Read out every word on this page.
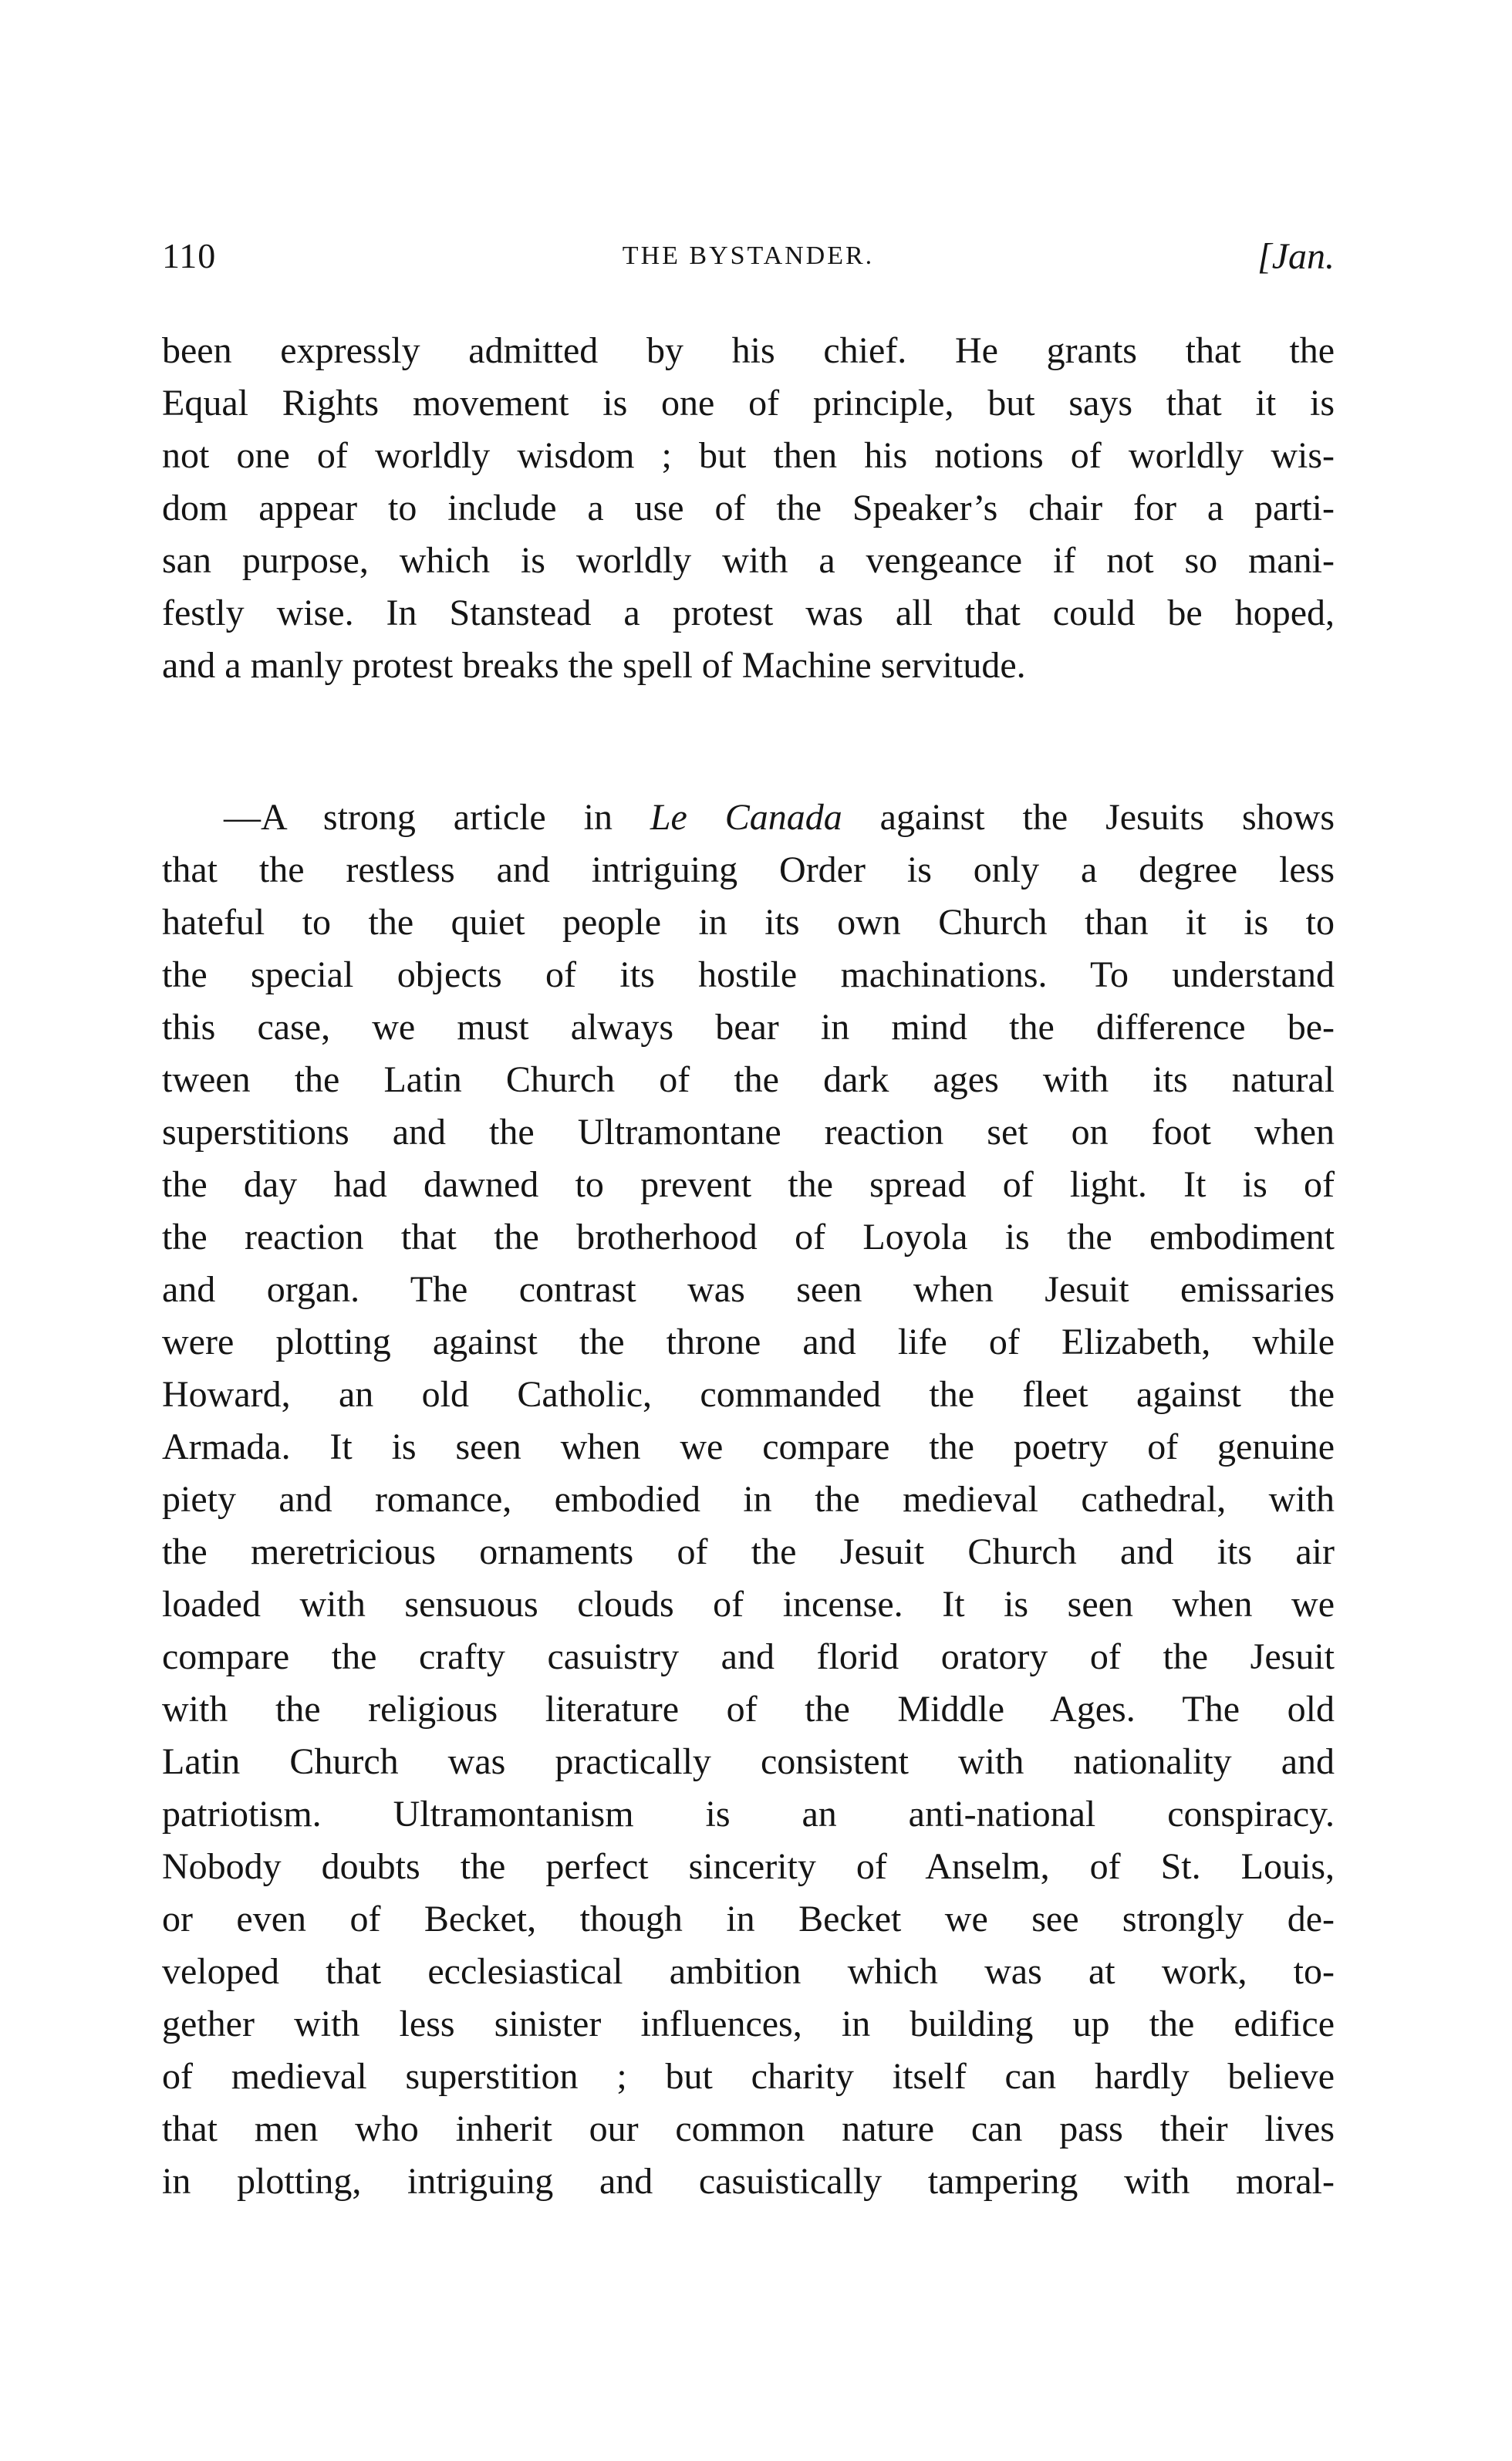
110	THE BYSTANDER.	[Jan.
been expressly admitted by his chief. He grants that the
Equal Rights movement is one of principle, but says that it is
not one of worldly wisdom ; but then his notions of worldly wis-
dom appear to include a use of the Speaker’s chair for a parti-
san purpose, which is worldly with a vengeance if not so mani-
festly wise. In Stanstead a protest was all that could be hoped,
and a manly protest breaks the spell of Machine servitude.
—A strong article in Le Canada against the Jesuits shows
that the restless and intriguing Order is only a degree less
hateful to the quiet people in its own Church than it is to
the special objects of its hostile machinations. To understand
this case, we must always bear in mind the difference be-
tween the Latin Church of the dark ages with its natural
superstitions and the Ultramontane reaction set on foot when
the day had dawned to prevent the spread of light. It is of
the reaction that the brotherhood of Loyola is the embodiment
and organ. The contrast was seen when Jesuit emissaries
were plotting against the throne and life of Elizabeth, while
Howard, an old Catholic, commanded the fleet against the
Armada. It is seen when we compare the poetry of genuine
piety and romance, embodied in the medieval cathedral, with
the meretricious ornaments of the Jesuit Church and its air
loaded with sensuous clouds of incense. It is seen when we
compare the crafty casuistry and florid oratory of the Jesuit
with the religious literature of the Middle Ages. The old
Latin Church was practically consistent with nationality and
patriotism. Ultramontanism is an anti-national conspiracy.
Nobody doubts the perfect sincerity of Anselm, of St. Louis,
or even of Becket, though in Becket we see strongly de-
veloped that ecclesiastical ambition which was at work, to-
gether with less sinister influences, in building up the edifice
of medieval superstition ; but charity itself can hardly believe
that men who inherit our common nature can pass their lives
in plotting, intriguing and casuistically tampering with moral-
